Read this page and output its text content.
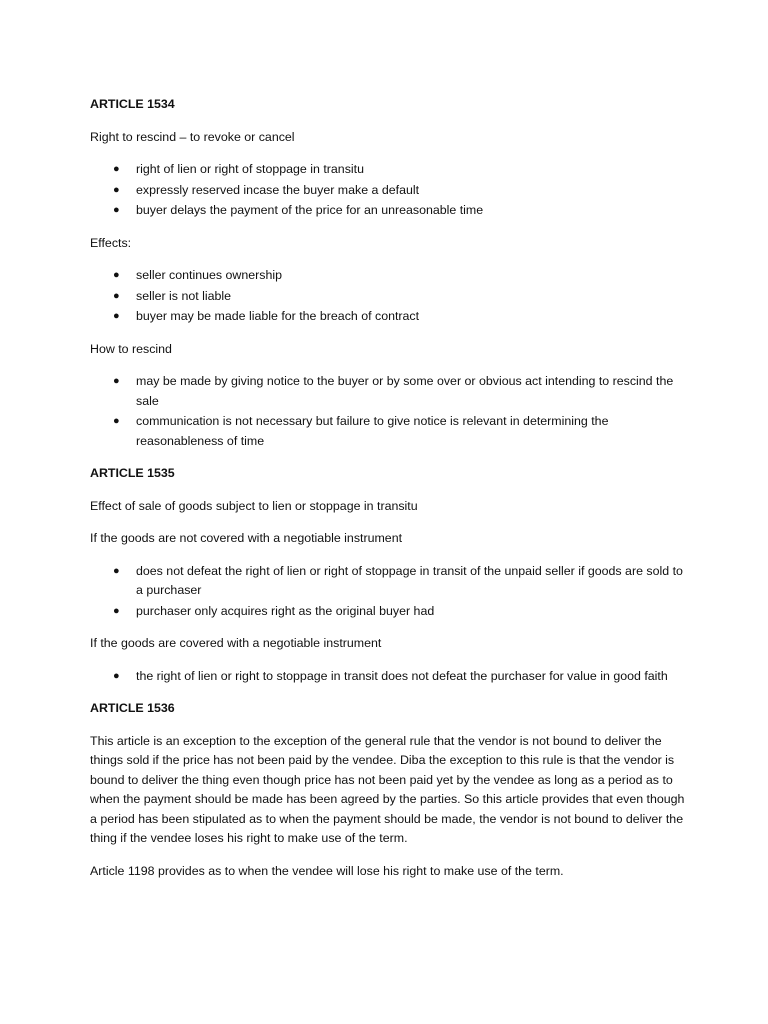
ARTICLE 1534
Right to rescind – to revoke or cancel
● right of lien or right of stoppage in transitu
● expressly reserved incase the buyer make a default
● buyer delays the payment of the price for an unreasonable time
Effects:
● seller continues ownership
● seller is not liable
● buyer may be made liable for the breach of contract
How to rescind
● may be made by giving notice to the buyer or by some over or obvious act intending to rescind the sale
● communication is not necessary but failure to give notice is relevant in determining the reasonableness of time
ARTICLE 1535
Effect of sale of goods subject to lien or stoppage in transitu
If the goods are not covered with a negotiable instrument
● does not defeat the right of lien or right of stoppage in transit of the unpaid seller if goods are sold to a purchaser
● purchaser only acquires right as the original buyer had
If the goods are covered with a negotiable instrument
● the right of lien or right to stoppage in transit does not defeat the purchaser for value in good faith
ARTICLE 1536
This article is an exception to the exception of the general rule that the vendor is not bound to deliver the things sold if the price has not been paid by the vendee. Diba the exception to this rule is that the vendor is bound to deliver the thing even though price has not been paid yet by the vendee as long as a period as to when the payment should be made has been agreed by the parties. So this article provides that even though a period has been stipulated as to when the payment should be made, the vendor is not bound to deliver the thing if the vendee loses his right to make use of the term.
Article 1198 provides as to when the vendee will lose his right to make use of the term.
